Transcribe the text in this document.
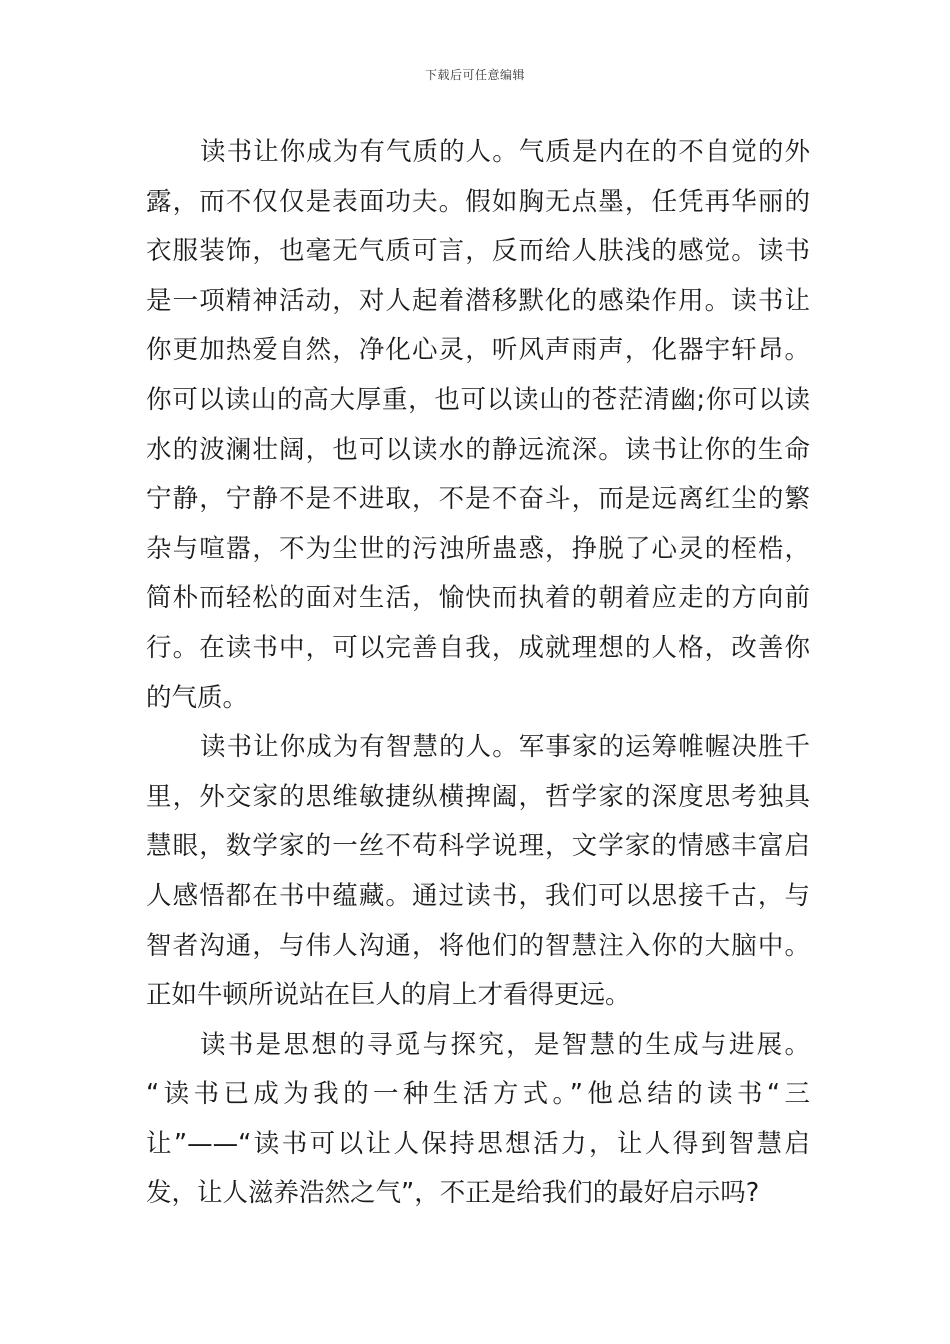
下载后可任意编辑
读书让你成为有气质的人。气质是内在的不自觉的外
露，而不仅仅是表面功夫。假如胸无点墨，任凭再华丽的
衣服装饰，也毫无气质可言，反而给人肤浅的感觉。读书
是一项精神活动，对人起着潜移默化的感染作用。读书让
你更加热爱自然，净化心灵，听风声雨声，化器宇轩昂。
你可以读山的高大厚重，也可以读山的苍茫清幽;你可以读
水的波澜壮阔，也可以读水的静远流深。读书让你的生命
宁静，宁静不是不进取，不是不奋斗，而是远离红尘的繁
杂与喧嚣，不为尘世的污浊所蛊惑，挣脱了心灵的桎梏，
简朴而轻松的面对生活，愉快而执着的朝着应走的方向前
行。在读书中，可以完善自我，成就理想的人格，改善你
的气质。
读书让你成为有智慧的人。军事家的运筹帷幄决胜千
里，外交家的思维敏捷纵横捭阖，哲学家的深度思考独具
慧眼，数学家的一丝不苟科学说理，文学家的情感丰富启
人感悟都在书中蕴藏。通过读书，我们可以思接千古，与
智者沟通，与伟人沟通，将他们的智慧注入你的大脑中。
正如牛顿所说站在巨人的肩上才看得更远。
读书是思想的寻觅与探究，是智慧的生成与进展。
“读书已成为我的一种生活方式。”他总结的读书“三
让”——“读书可以让人保持思想活力，让人得到智慧启
发，让人滋养浩然之气”，不正是给我们的最好启示吗?
